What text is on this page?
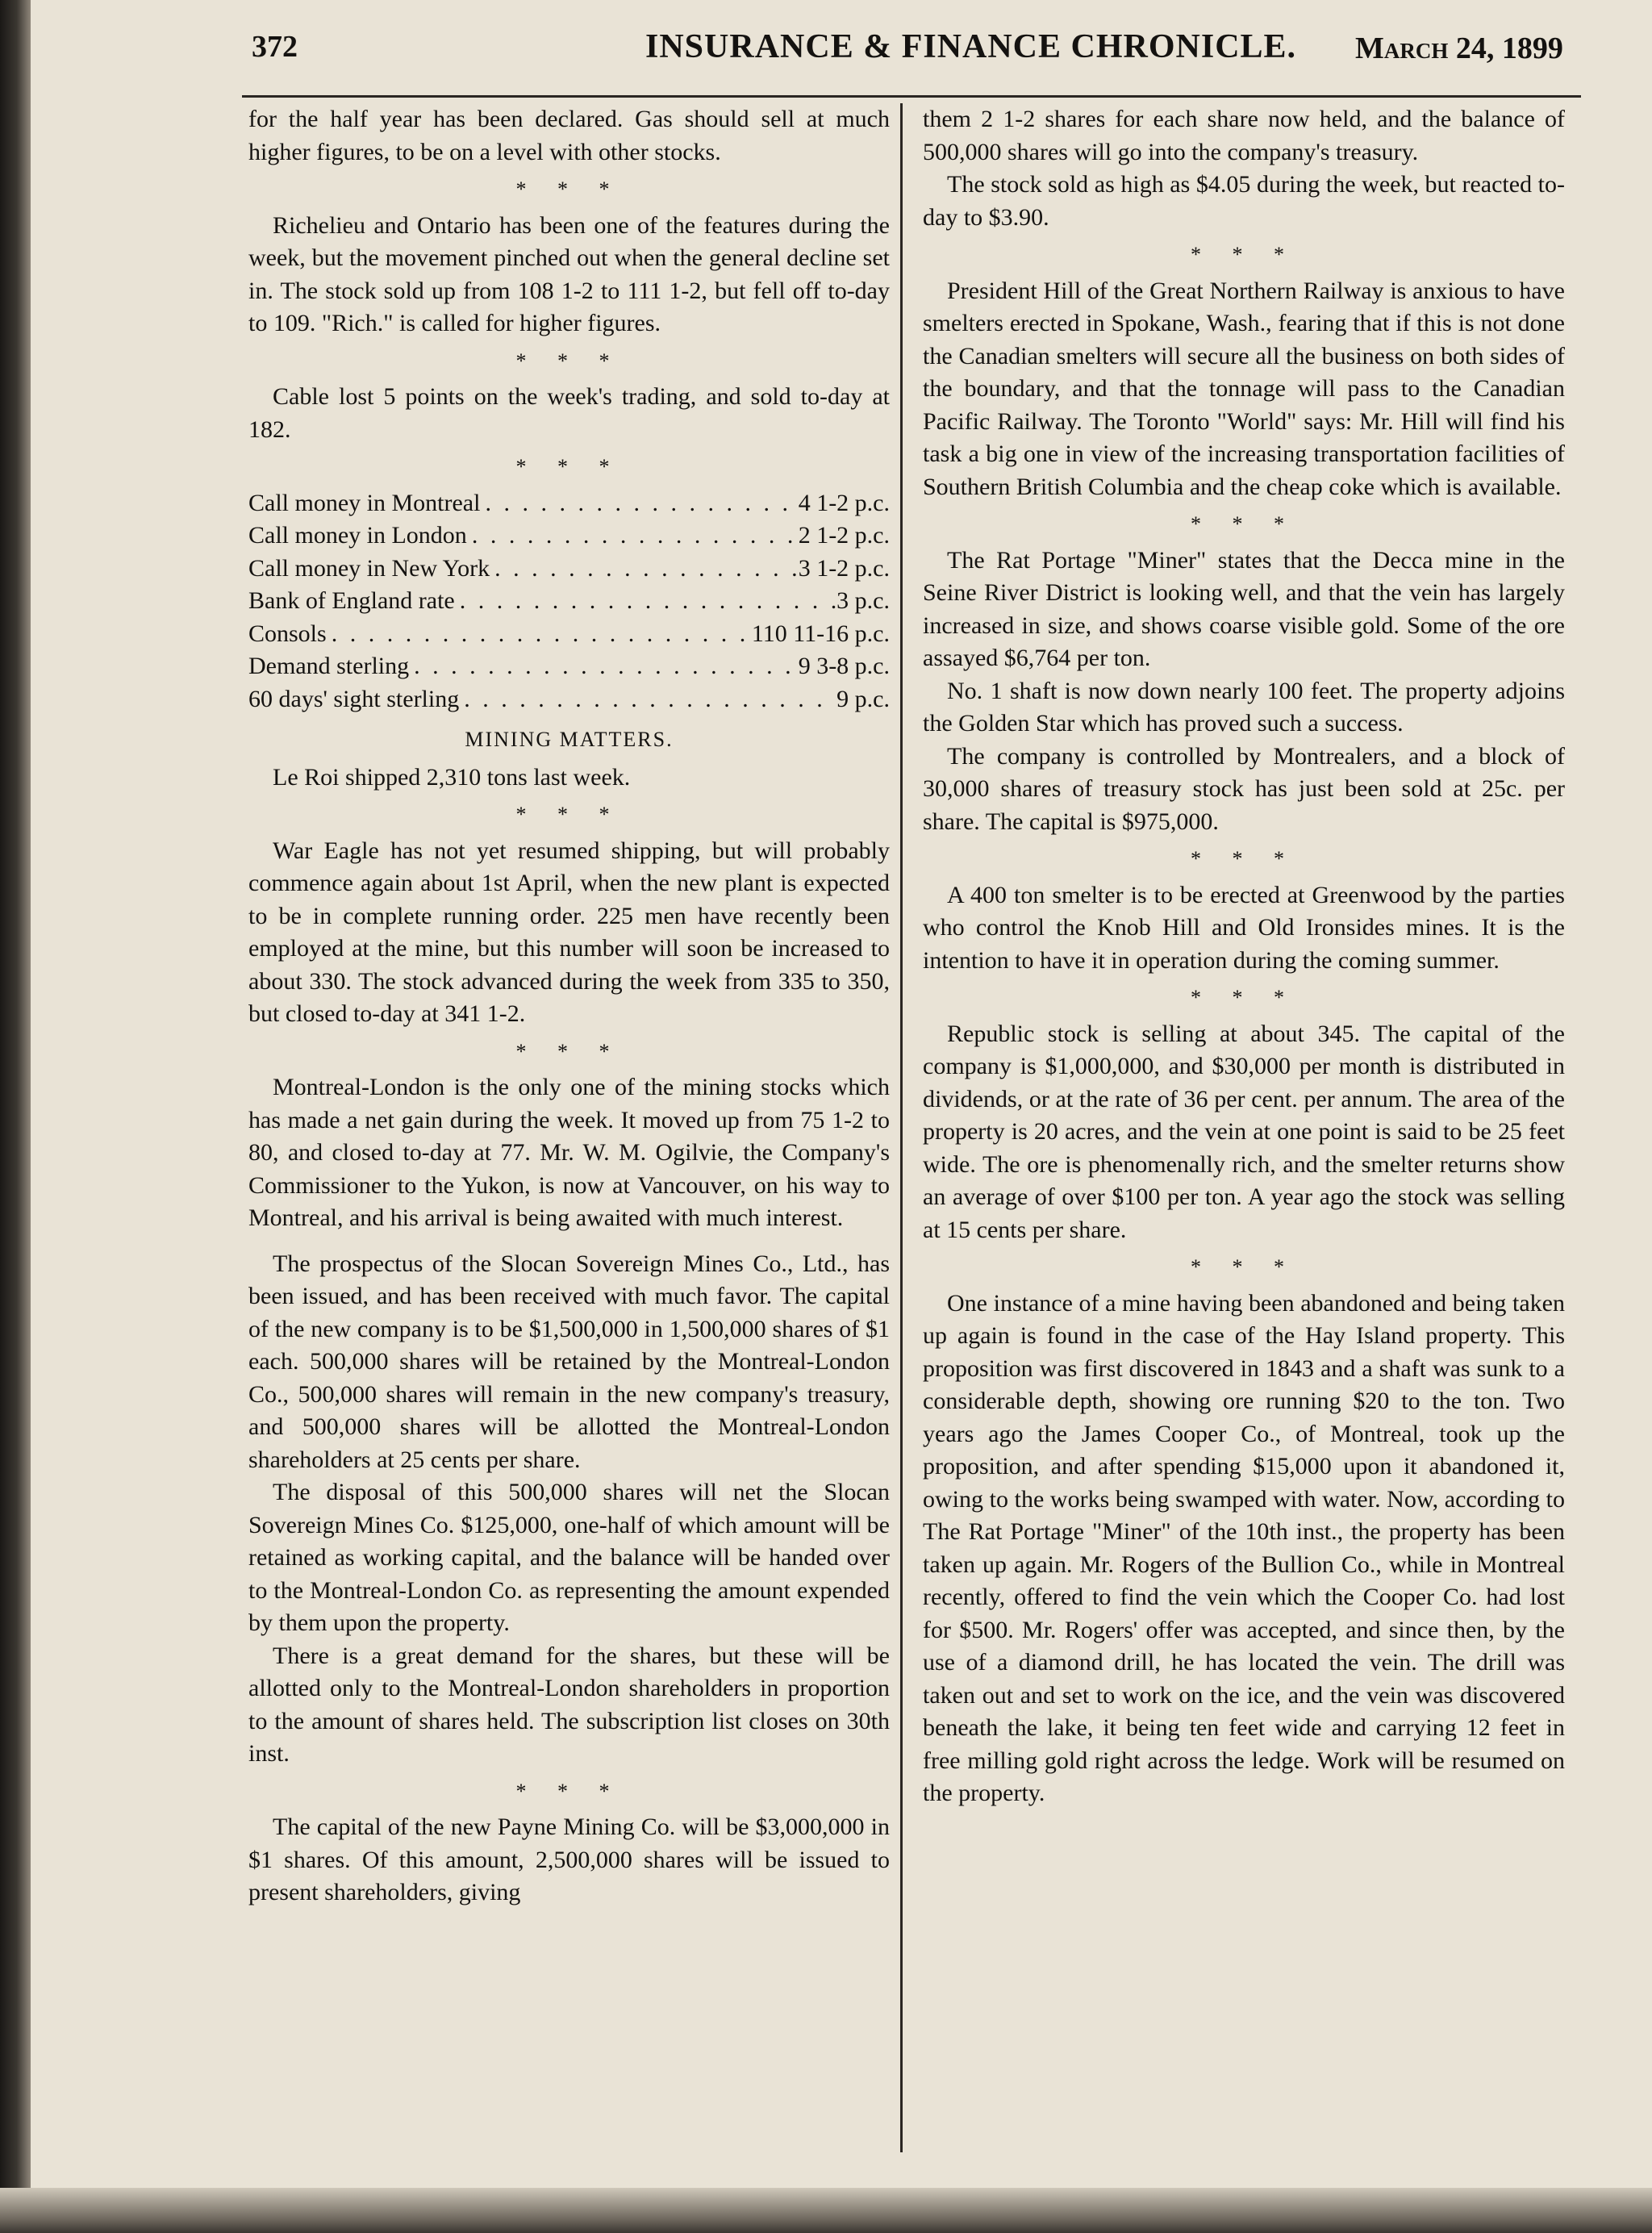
372	INSURANCE & FINANCE CHRONICLE. March 24, 1899

for the half year has been declared. Gas should sell at much higher figures, to be on a level with other stocks.

* * *

Richelieu and Ontario has been one of the features during the week, but the movement pinched out when the general decline set in. The stock sold up from 108 1-2 to 111 1-2, but fell off to-day to 109. "Rich." is called for higher figures.

* * *

Cable lost 5 points on the week's trading, and sold to-day at 182.

* * *
Call money in Montreal . . .	4 1-2 p.c.
Call money in London . . .	2 1-2 p.c.
Call money in New York . . .	3 1-2 p.c.
Bank of England rate . . .	3 p.c.
Consols . . .	110 11-16 p.c.
Demand sterling . . .	9 3-8 p.c.
60 days' sight sterling . . .	9 p.c.
MINING MATTERS.

Le Roi shipped 2,310 tons last week.

* * *

War Eagle has not yet resumed shipping, but will probably commence again about 1st April, when the new plant is expected to be in complete running order. 225 men have recently been employed at the mine, but this number will soon be increased to about 330. The stock advanced during the week from 335 to 350, but closed to-day at 341 1-2.

* * *

Montreal-London is the only one of the mining stocks which has made a net gain during the week. It moved up from 75 1-2 to 80, and closed to-day at 77. Mr. W. M. Ogilvie, the Company's Commissioner to the Yukon, is now at Vancouver, on his way to Montreal, and his arrival is being awaited with much interest.

The prospectus of the Slocan Sovereign Mines Co., Ltd., has been issued, and has been received with much favor. The capital of the new company is to be $1,500,000 in 1,500,000 shares of $1 each. 500,000 shares will be retained by the Montreal-London Co., 500,000 shares will remain in the new company's treasury, and 500,000 shares will be allotted the Montreal-London shareholders at 25 cents per share.

The disposal of this 500,000 shares will net the Slocan Sovereign Mines Co. $125,000, one-half of which amount will be retained as working capital, and the balance will be handed over to the Montreal-London Co. as representing the amount expended by them upon the property.

There is a great demand for the shares, but these will be allotted only to the Montreal-London shareholders in proportion to the amount of shares held. The subscription list closes on 30th inst.

* * *

The capital of the new Payne Mining Co. will be $3,000,000 in $1 shares. Of this amount, 2,500,000 shares will be issued to present shareholders, giving

them 2 1-2 shares for each share now held, and the balance of 500,000 shares will go into the company's treasury.

The stock sold as high as $4.05 during the week, but reacted to-day to $3.90.

* * *

President Hill of the Great Northern Railway is anxious to have smelters erected in Spokane, Wash., fearing that if this is not done the Canadian smelters will secure all the business on both sides of the boundary, and that the tonnage will pass to the Canadian Pacific Railway. The Toronto "World" says: Mr. Hill will find his task a big one in view of the increasing transportation facilities of Southern British Columbia and the cheap coke which is available.

* * *

The Rat Portage "Miner" states that the Decca mine in the Seine River District is looking well, and that the vein has largely increased in size, and shows coarse visible gold. Some of the ore assayed $6,764 per ton.

No. 1 shaft is now down nearly 100 feet. The property adjoins the Golden Star which has proved such a success.

The company is controlled by Montrealers, and a block of 30,000 shares of treasury stock has just been sold at 25c. per share. The capital is $975,000.

* * *

A 400 ton smelter is to be erected at Greenwood by the parties who control the Knob Hill and Old Ironsides mines. It is the intention to have it in operation during the coming summer.

* * *

Republic stock is selling at about 345. The capital of the company is $1,000,000, and $30,000 per month is distributed in dividends, or at the rate of 36 per cent. per annum. The area of the property is 20 acres, and the vein at one point is said to be 25 feet wide. The ore is phenomenally rich, and the smelter returns show an average of over $100 per ton. A year ago the stock was selling at 15 cents per share.

* * *

One instance of a mine having been abandoned and being taken up again is found in the case of the Hay Island property. This proposition was first discovered in 1843 and a shaft was sunk to a considerable depth, showing ore running $20 to the ton. Two years ago the James Cooper Co., of Montreal, took up the proposition, and after spending $15,000 upon it abandoned it, owing to the works being swamped with water. Now, according to The Rat Portage "Miner" of the 10th inst., the property has been taken up again. Mr. Rogers of the Bullion Co., while in Montreal recently, offered to find the vein which the Cooper Co. had lost for $500. Mr. Rogers' offer was accepted, and since then, by the use of a diamond drill, he has located the vein. The drill was taken out and set to work on the ice, and the vein was discovered beneath the lake, it being ten feet wide and carrying 12 feet in free milling gold right across the ledge. Work will be resumed on the property.
